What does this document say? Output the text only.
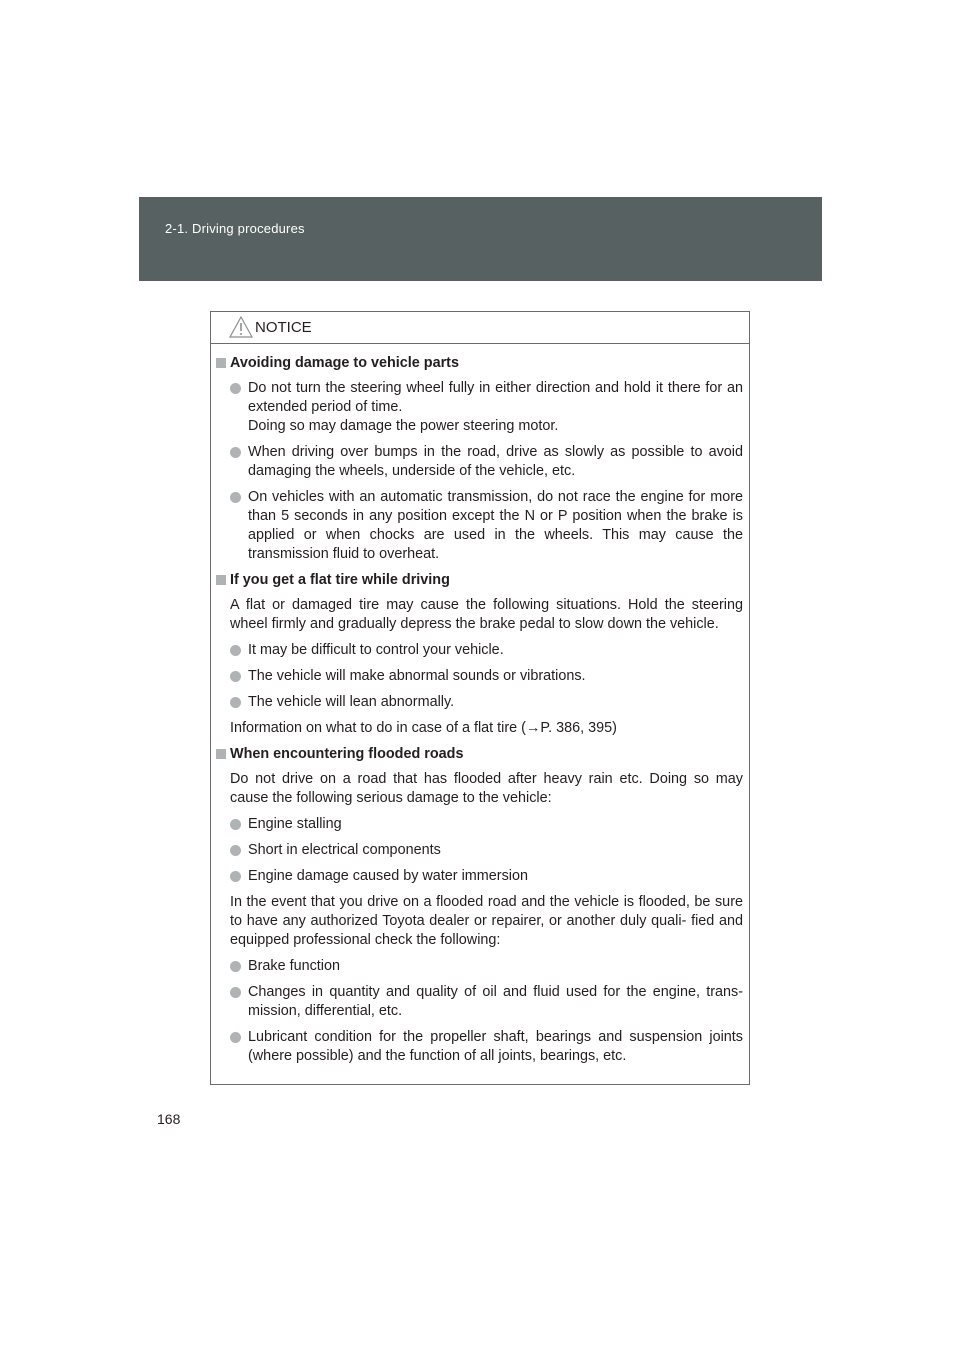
2-1. Driving procedures
NOTICE
Avoiding damage to vehicle parts
Do not turn the steering wheel fully in either direction and hold it there for an extended period of time.
Doing so may damage the power steering motor.
When driving over bumps in the road, drive as slowly as possible to avoid damaging the wheels, underside of the vehicle, etc.
On vehicles with an automatic transmission, do not race the engine for more than 5 seconds in any position except the N or P position when the brake is applied or when chocks are used in the wheels. This may cause the transmission fluid to overheat.
If you get a flat tire while driving
A flat or damaged tire may cause the following situations. Hold the steering wheel firmly and gradually depress the brake pedal to slow down the vehicle.
It may be difficult to control your vehicle.
The vehicle will make abnormal sounds or vibrations.
The vehicle will lean abnormally.
Information on what to do in case of a flat tire (→P. 386, 395)
When encountering flooded roads
Do not drive on a road that has flooded after heavy rain etc. Doing so may cause the following serious damage to the vehicle:
Engine stalling
Short in electrical components
Engine damage caused by water immersion
In the event that you drive on a flooded road and the vehicle is flooded, be sure to have any authorized Toyota dealer or repairer, or another duly quali- fied and equipped professional check the following:
Brake function
Changes in quantity and quality of oil and fluid used for the engine, trans- mission, differential, etc.
Lubricant condition for the propeller shaft, bearings and suspension joints (where possible) and the function of all joints, bearings, etc.
168
